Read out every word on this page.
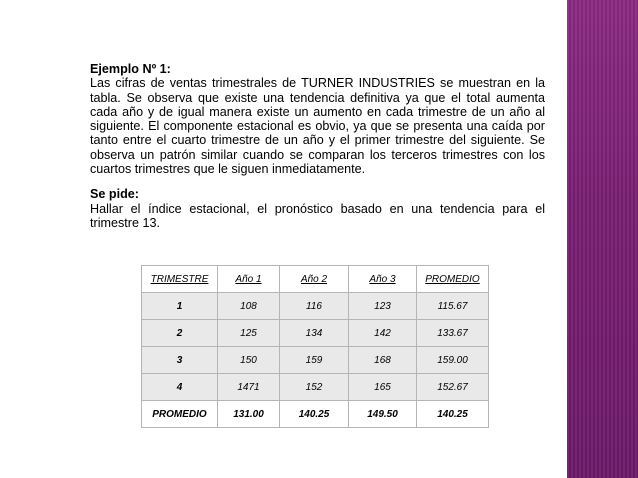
Ejemplo Nº 1:

Las cifras de ventas trimestrales de TURNER INDUSTRIES se muestran en la tabla. Se observa que existe una tendencia definitiva ya que el total aumenta cada año y de igual manera existe un aumento en cada trimestre de un año al siguiente. El componente estacional es obvio, ya que se presenta una caída por tanto entre el cuarto trimestre de un año y el primer trimestre del siguiente. Se observa un patrón similar cuando se comparan los terceros trimestres con los cuartos trimestres que le siguen inmediatamente.

Se pide:

Hallar el índice estacional, el pronóstico basado en una tendencia para el trimestre 13.

TRIMESTRE	Año 1	Año 2	Año 3	PROMEDIO
1	108	116	123	115.67
2	125	134	142	133.67
3	150	159	168	159.00
4	1471	152	165	152.67
PROMEDIO	131.00	140.25	149.50	140.25
